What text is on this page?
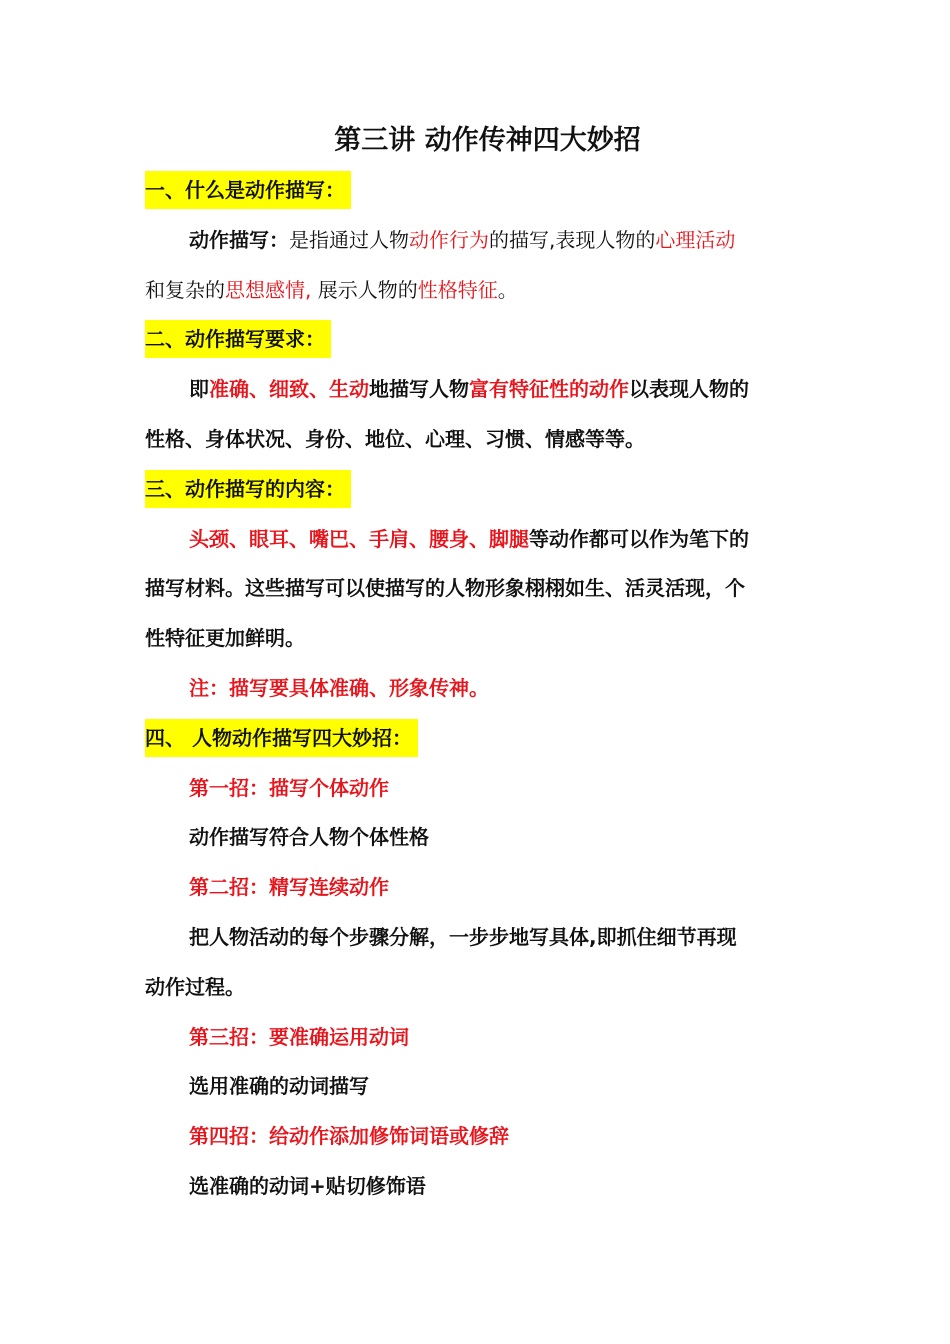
第三讲 动作传神四大妙招
一、什么是动作描写：
动作描写：是指通过人物动作行为的描写,表现人物的心理活动
和复杂的思想感情, 展示人物的性格特征。
二、动作描写要求：
即准确、细致、生动地描写人物富有特征性的动作以表现人物的
性格、身体状况、身份、地位、心理、习惯、情感等等。
三、动作描写的内容：
头颈、眼耳、嘴巴、手肩、腰身、脚腿等动作都可以作为笔下的
描写材料。这些描写可以使描写的人物形象栩栩如生、活灵活现，个
性特征更加鲜明。
注：描写要具体准确、形象传神。
四、 人物动作描写四大妙招：
第一招：描写个体动作
动作描写符合人物个体性格
第二招：精写连续动作
把人物活动的每个步骤分解，一步步地写具体,即抓住细节再现
动作过程。
第三招：要准确运用动词
选用准确的动词描写
第四招：给动作添加修饰词语或修辞
选准确的动词+贴切修饰语
